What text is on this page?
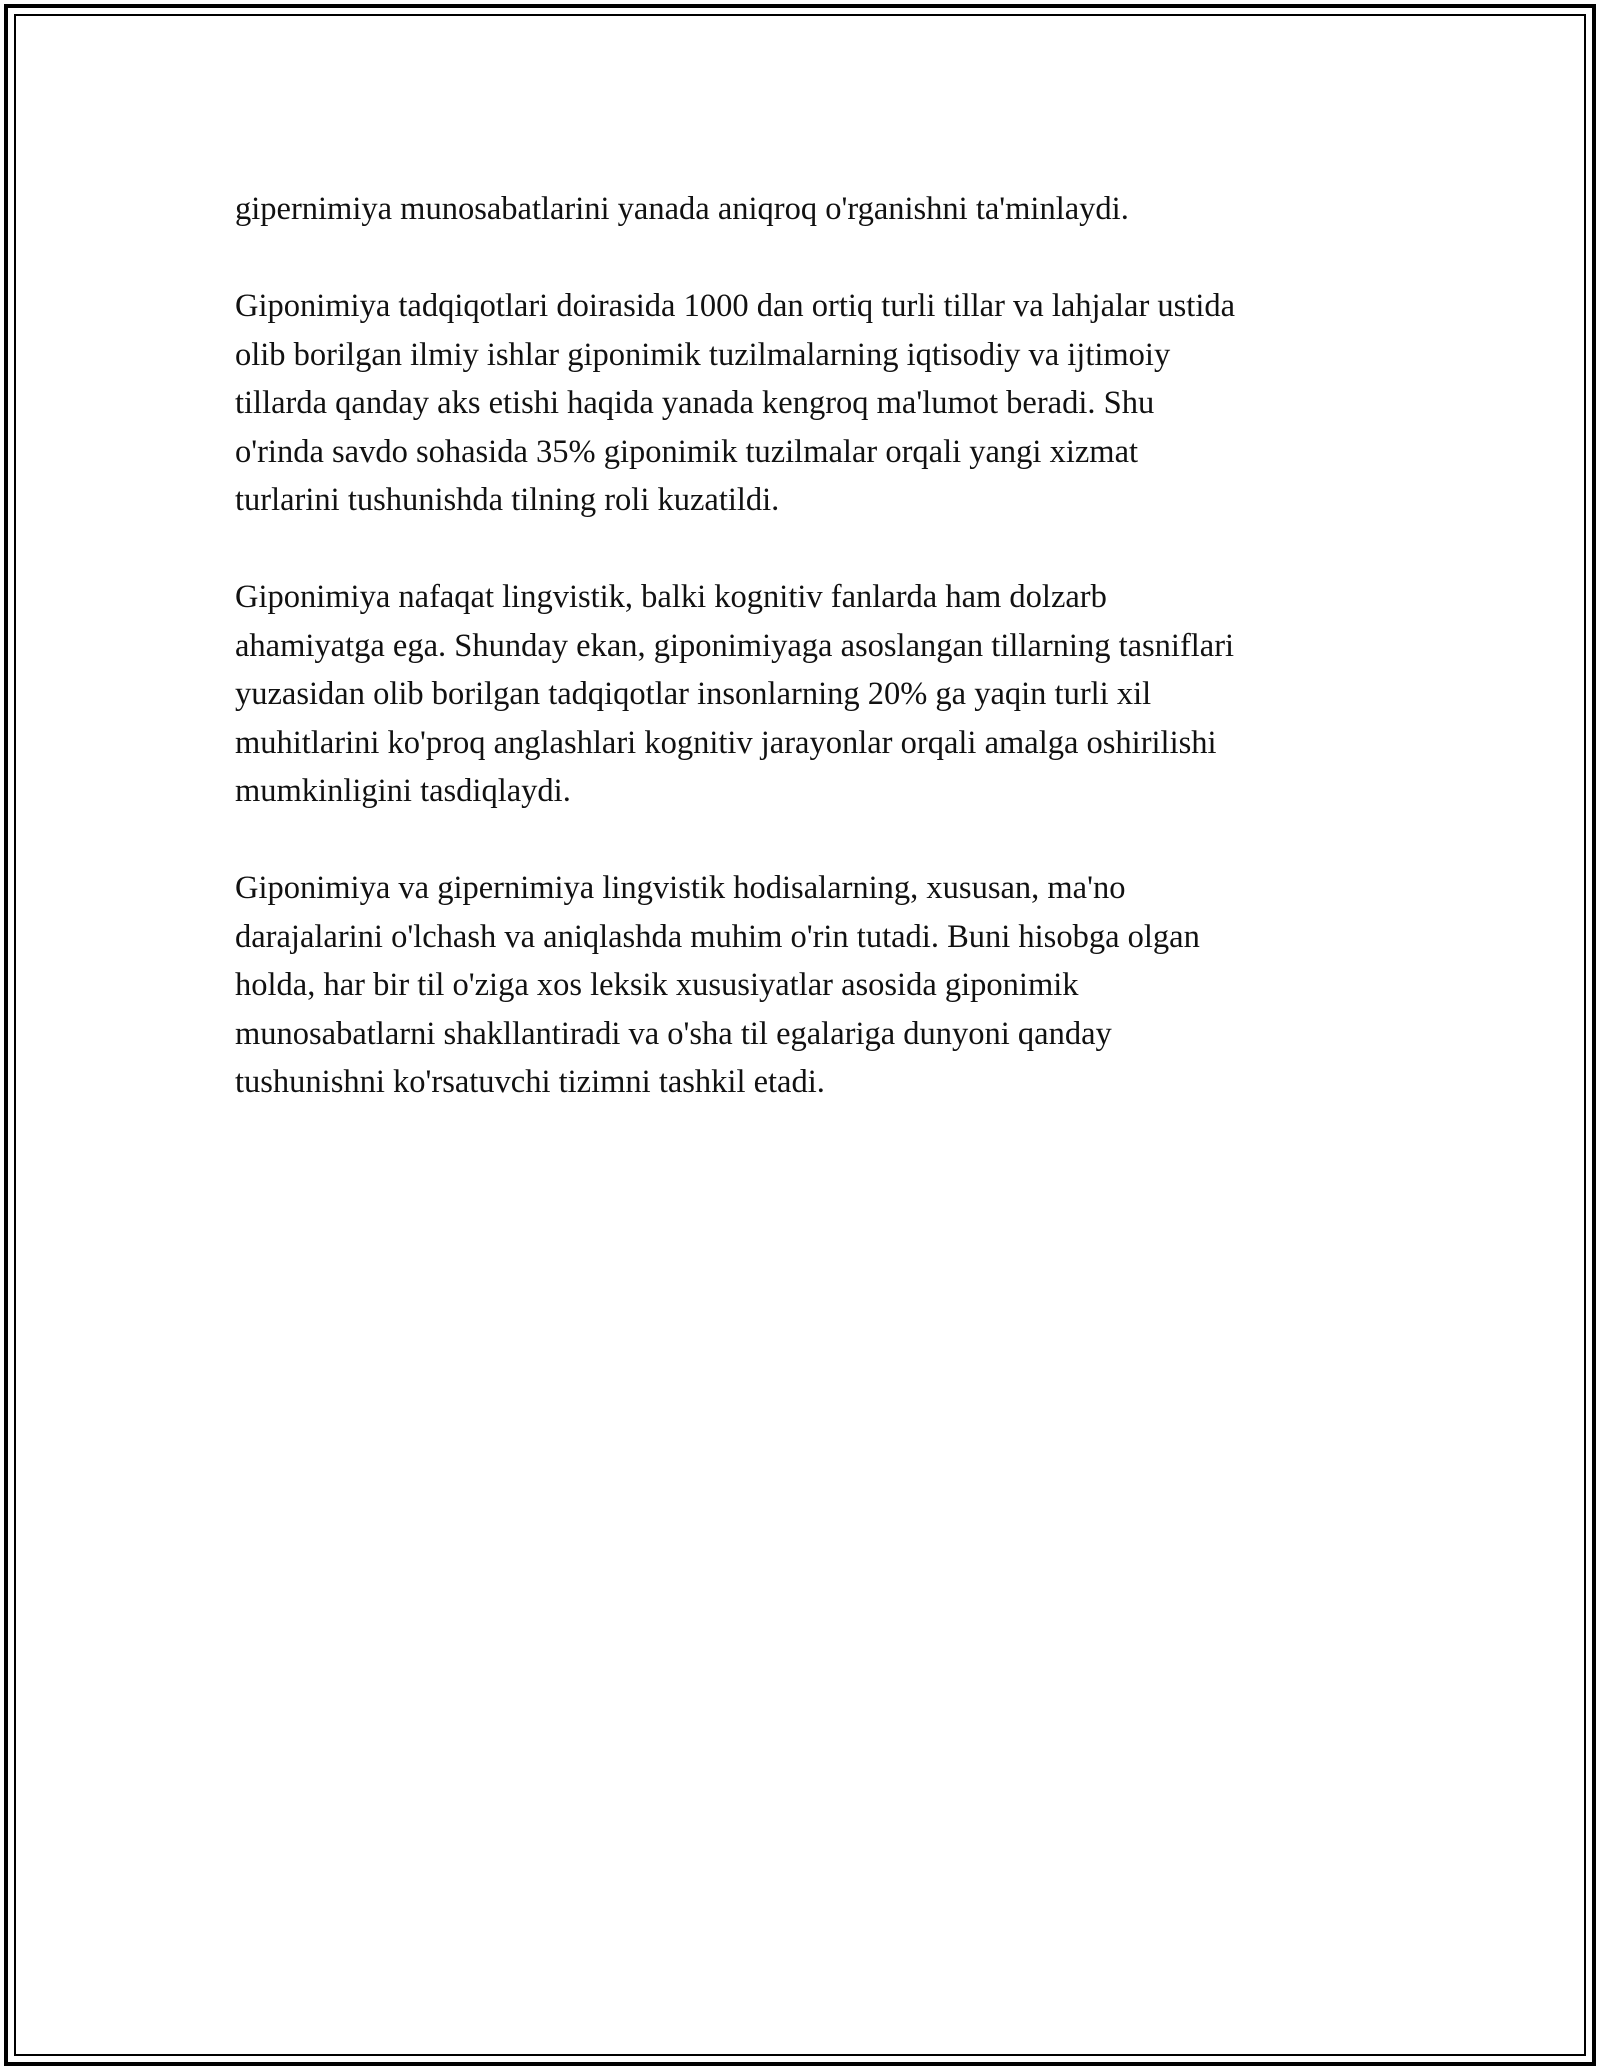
gipernimiya munosabatlarini yanada aniqroq o'rganishni ta'minlaydi.

Giponimiya tadqiqotlari doirasida 1000 dan ortiq turli tillar va lahjalar ustida
olib borilgan ilmiy ishlar giponimik tuzilmalarning iqtisodiy va ijtimoiy
tillarda qanday aks etishi haqida yanada kengroq ma'lumot beradi. Shu
o'rinda savdo sohasida 35% giponimik tuzilmalar orqali yangi xizmat
turlarini tushunishda tilning roli kuzatildi.

Giponimiya nafaqat lingvistik, balki kognitiv fanlarda ham dolzarb
ahamiyatga ega. Shunday ekan, giponimiyaga asoslangan tillarning tasniflari
yuzasidan olib borilgan tadqiqotlar insonlarning 20% ga yaqin turli xil
muhitlarini ko'proq anglashlari kognitiv jarayonlar orqali amalga oshirilishi
mumkinligini tasdiqlaydi.

Giponimiya va gipernimiya lingvistik hodisalarning, xususan, ma'no
darajalarini o'lchash va aniqlashda muhim o'rin tutadi. Buni hisobga olgan
holda, har bir til o'ziga xos leksik xususiyatlar asosida giponimik
munosabatlarni shakllantiradi va o'sha til egalariga dunyoni qanday
tushunishni ko'rsatuvchi tizimni tashkil etadi.
